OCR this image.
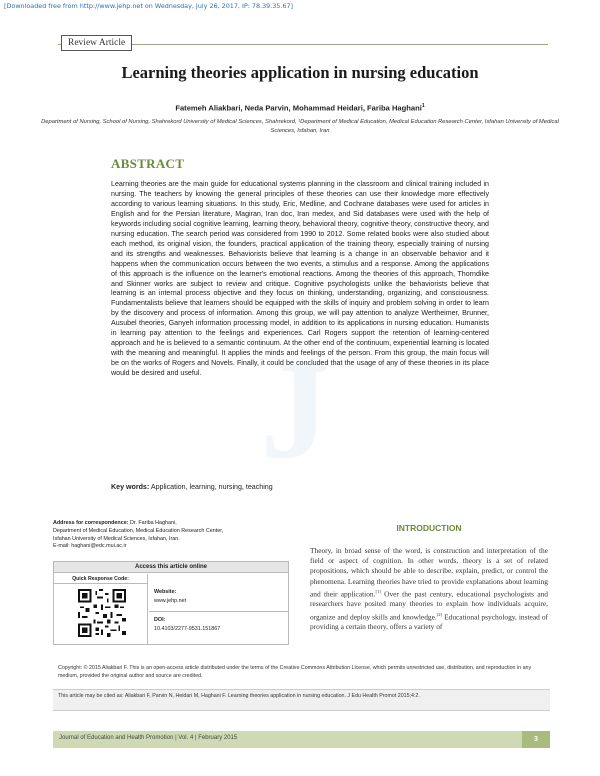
[Downloaded free from http://www.jehp.net on Wednesday, July 26, 2017, IP: 78.39.35.67]
Review Article
Learning theories application in nursing education
Fatemeh Aliakbari, Neda Parvin, Mohammad Heidari, Fariba Haghani$^1$
Department of Nursing, School of Nursing, Shahrekord University of Medical Sciences, Shahrekord, ¹Department of Medical Education, Medical Education Research Center, Isfahan University of Medical Sciences, Isfahan, Iran
J
ABSTRACT
Learning theories are the main guide for educational systems planning in the classroom and clinical training included in nursing. The teachers by knowing the general principles of these theories can use their knowledge more effectively according to various learning situations. In this study, Eric, Medline, and Cochrane databases were used for articles in English and for the Persian literature, Magiran, Iran doc, Iran medex, and Sid databases were used with the help of keywords including social cognitive learning, learning theory, behavioral theory, cognitive theory, constructive theory, and nursing education. The search period was considered from 1990 to 2012. Some related books were also studied about each method, its original vision, the founders, practical application of the training theory, especially training of nursing and its strengths and weaknesses. Behaviorists believe that learning is a change in an observable behavior and it happens when the communication occurs between the two events, a stimulus and a response. Among the applications of this approach is the influence on the learner's emotional reactions. Among the theories of this approach, Thorndike and Skinner works are subject to review and critique. Cognitive psychologists unlike the behaviorists believe that learning is an internal process objective and they focus on thinking, understanding, organizing, and consciousness. Fundamentalists believe that learners should be equipped with the skills of inquiry and problem solving in order to learn by the discovery and process of information. Among this group, we will pay attention to analyze Wertheimer, Brunner, Ausubel theories, Ganyeh information processing model, in addition to its applications in nursing education. Humanists in learning pay attention to the feelings and experiences. Carl Rogers support the retention of learning-centered approach and he is believed to a semantic continuum. At the other end of the continuum, experiential learning is located with the meaning and meaningful. It applies the minds and feelings of the person. From this group, the main focus will be on the works of Rogers and Novels. Finally, it could be concluded that the usage of any of these theories in its place would be desired and useful.
Key words: Application, learning, nursing, teaching
Address for correspondence: Dr. Fariba Haghani,
Department of Medical Education, Medical Education Research Center,
Isfahan University of Medical Sciences, Isfahan, Iran.
E-mail: haghani@edc.mui.ac.ir
Access this article online
Quick Response Code:
Website:
www.jehp.net
DOI:
10.4103/2277-9531.151867
INTRODUCTION
Theory, in broad sense of the word, is construction and interpretation of the field or aspect of cognition. In other words, theory is a set of related propositions, which should be able to describe, explain, predict, or control the phenomena. Learning theories have tried to provide explanations about learning and their application.[1] Over the past century, educational psychologists and researchers have posited many theories to explain how individuals acquire, organize and deploy skills and knowledge.[2] Educational psychology, instead of providing a certain theory, offers a variety of
Copyright: © 2015 Aliakbari F. This is an open-access article distributed under the terms of the Creative Commons Attribution License, which permits unrestricted use, distribution, and reproduction in any medium, provided the original author and source are credited.
This article may be cited as: Aliakbari F, Parvin N, Heidari M, Haghani F. Learning theories application in nursing education. J Edu Health Promot 2015;4:2.
Journal of Education and Health Promotion | Vol. 4 | February 2015	3
